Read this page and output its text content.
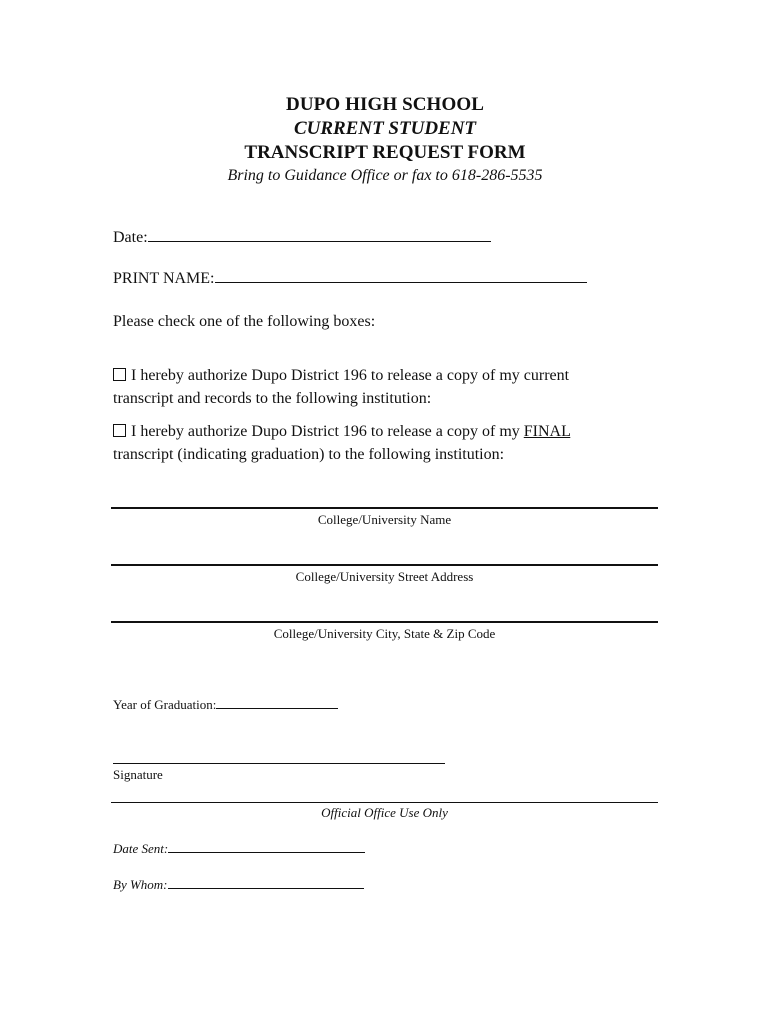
DUPO HIGH SCHOOL
CURRENT STUDENT
TRANSCRIPT REQUEST FORM
Bring to Guidance Office or fax to 618-286-5535
Date:
PRINT NAME:
Please check one of the following boxes:
I hereby authorize Dupo District 196 to release a copy of my current transcript and records to the following institution:
I hereby authorize Dupo District 196 to release a copy of my FINAL transcript (indicating graduation) to the following institution:
College/University Name
College/University Street Address
College/University City, State & Zip Code
Year of Graduation:
Signature
Official Office Use Only
Date Sent:
By Whom:
